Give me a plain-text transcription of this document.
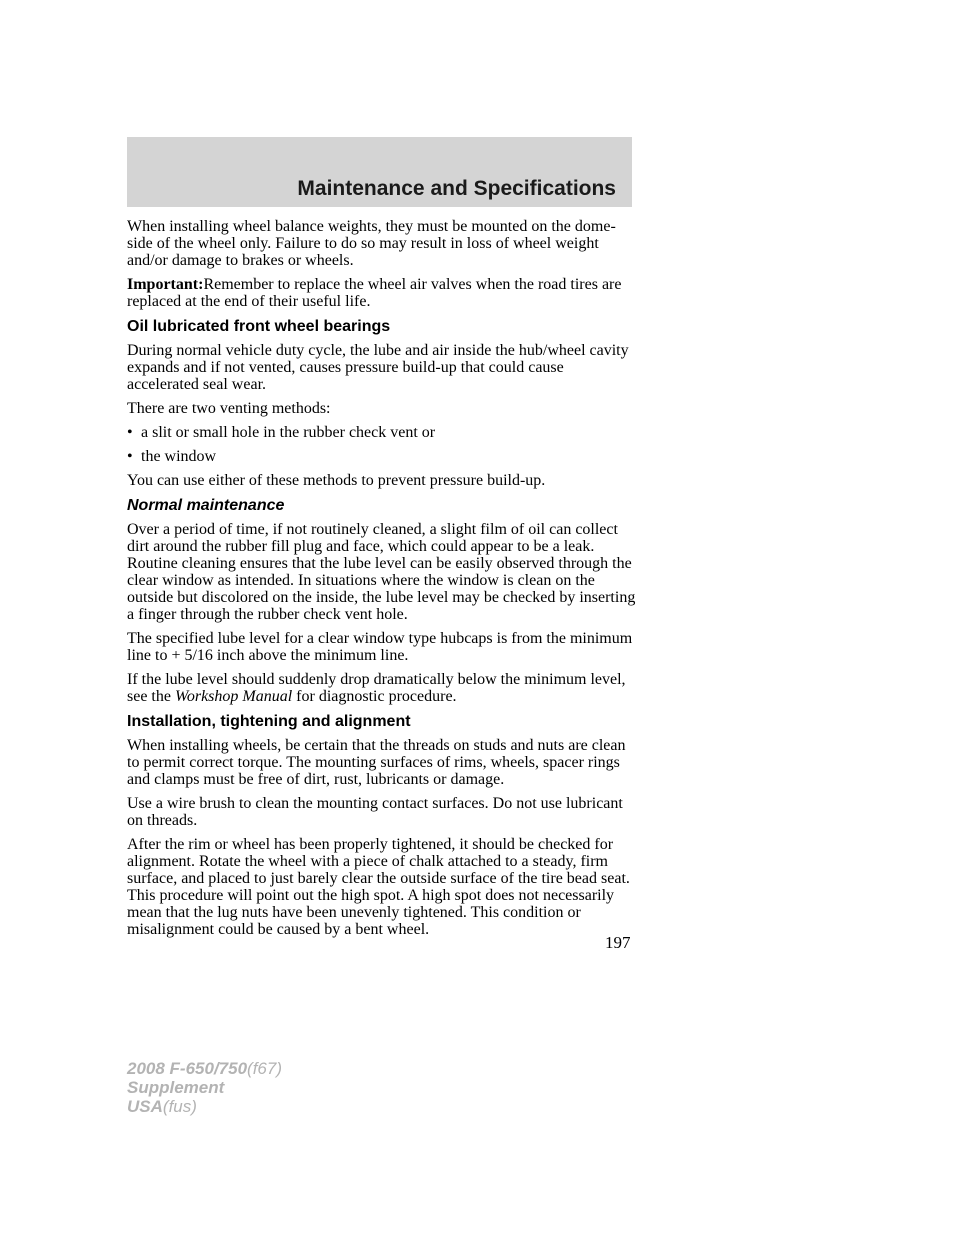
Maintenance and Specifications

When installing wheel balance weights, they must be mounted on the dome-side of the wheel only. Failure to do so may result in loss of wheel weight and/or damage to brakes or wheels.

Important:Remember to replace the wheel air valves when the road tires are replaced at the end of their useful life.

Oil lubricated front wheel bearings

During normal vehicle duty cycle, the lube and air inside the hub/wheel cavity expands and if not vented, causes pressure build-up that could cause accelerated seal wear.

There are two venting methods:

• a slit or small hole in the rubber check vent or
• the window

You can use either of these methods to prevent pressure build-up.

Normal maintenance

Over a period of time, if not routinely cleaned, a slight film of oil can collect dirt around the rubber fill plug and face, which could appear to be a leak. Routine cleaning ensures that the lube level can be easily observed through the clear window as intended. In situations where the window is clean on the outside but discolored on the inside, the lube level may be checked by inserting a finger through the rubber check vent hole.

The specified lube level for a clear window type hubcaps is from the minimum line to + 5/16 inch above the minimum line.

If the lube level should suddenly drop dramatically below the minimum level, see the Workshop Manual for diagnostic procedure.

Installation, tightening and alignment

When installing wheels, be certain that the threads on studs and nuts are clean to permit correct torque. The mounting surfaces of rims, wheels, spacer rings and clamps must be free of dirt, rust, lubricants or damage.

Use a wire brush to clean the mounting contact surfaces. Do not use lubricant on threads.

After the rim or wheel has been properly tightened, it should be checked for alignment. Rotate the wheel with a piece of chalk attached to a steady, firm surface, and placed to just barely clear the outside surface of the tire bead seat. This procedure will point out the high spot. A high spot does not necessarily mean that the lug nuts have been unevenly tightened. This condition or misalignment could be caused by a bent wheel.

197
2008 F-650/750(f67)
Supplement
USA(fus)
